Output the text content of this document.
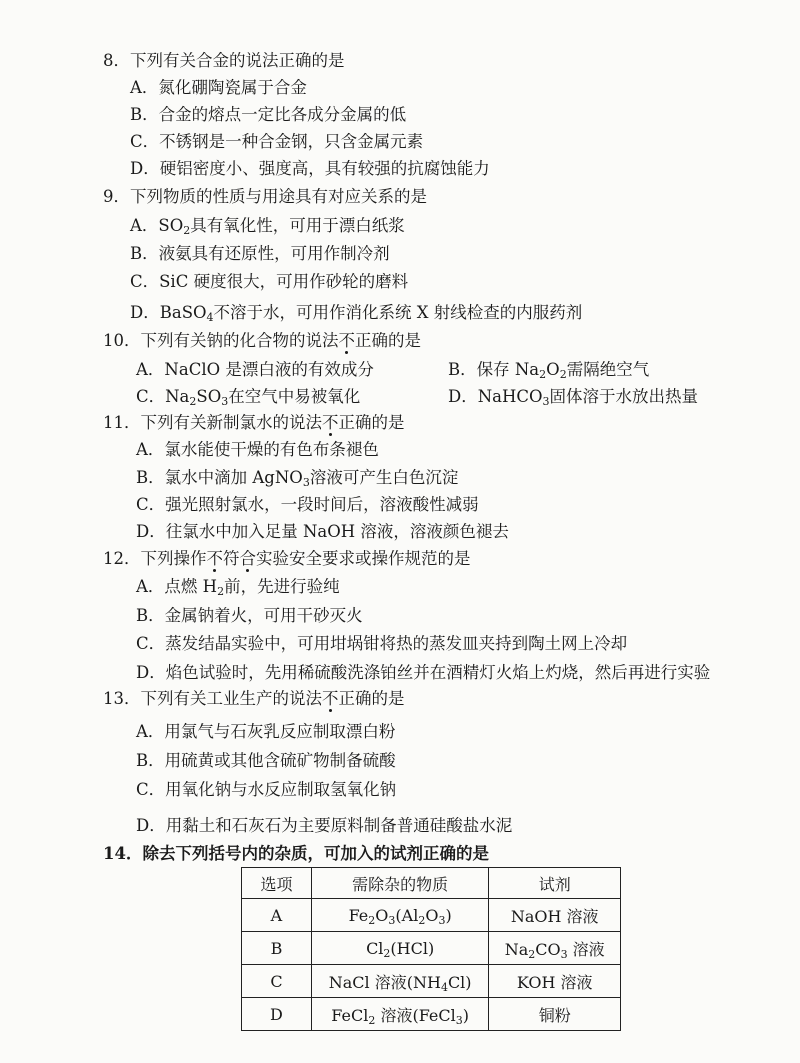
8．下列有关合金的说法正确的是
A．氮化硼陶瓷属于合金
B．合金的熔点一定比各成分金属的低
C．不锈钢是一种合金钢，只含金属元素
D．硬铝密度小、强度高，具有较强的抗腐蚀能力
9．下列物质的性质与用途具有对应关系的是
A．$SO_2$具有氧化性，可用于漂白纸浆
B．液氨具有还原性，可用作制冷剂
C．SiC 硬度很大，可用作砂轮的磨料
D．BaSO$_4$不溶于水，可用作消化系统 X 射线检查的内服药剂
10．下列有关钠的化合物的说法不正确的是
A．NaClO 是漂白液的有效成分	B．保存 $Na_2O_2$需隔绝空气
C．$Na_2SO_3$在空气中易被氧化	D．NaHCO$_3$固体溶于水放出热量
11．下列有关新制氯水的说法不正确的是
A．氯水能使干燥的有色布条褪色
B．氯水中滴加 AgNO$_3$溶液可产生白色沉淀
C．强光照射氯水，一段时间后，溶液酸性减弱
D．往氯水中加入足量 NaOH 溶液，溶液颜色褪去
12．下列操作不符合实验安全要求或操作规范的是
A．点燃 $H_2$前，先进行验纯
B．金属钠着火，可用干砂灭火
C．蒸发结晶实验中，可用坩埚钳将热的蒸发皿夹持到陶土网上冷却
D．焰色试验时，先用稀硫酸洗涤铂丝并在酒精灯火焰上灼烧，然后再进行实验
13．下列有关工业生产的说法不正确的是
A．用氯气与石灰乳反应制取漂白粉
B．用硫黄或其他含硫矿物制备硫酸
C．用氧化钠与水反应制取氢氧化钠
D．用黏土和石灰石为主要原料制备普通硅酸盐水泥
14．除去下列括号内的杂质，可加入的试剂正确的是
选项	需除杂的物质	试剂
A	$Fe_2O_3(Al_2O_3)$	NaOH 溶液
B	$Cl_2(HCl)$	$Na_2CO_3$ 溶液
C	NaCl 溶液$(NH_4Cl)$	KOH 溶液
D	FeCl$_2$ 溶液(FeCl$_3$)	铜粉
